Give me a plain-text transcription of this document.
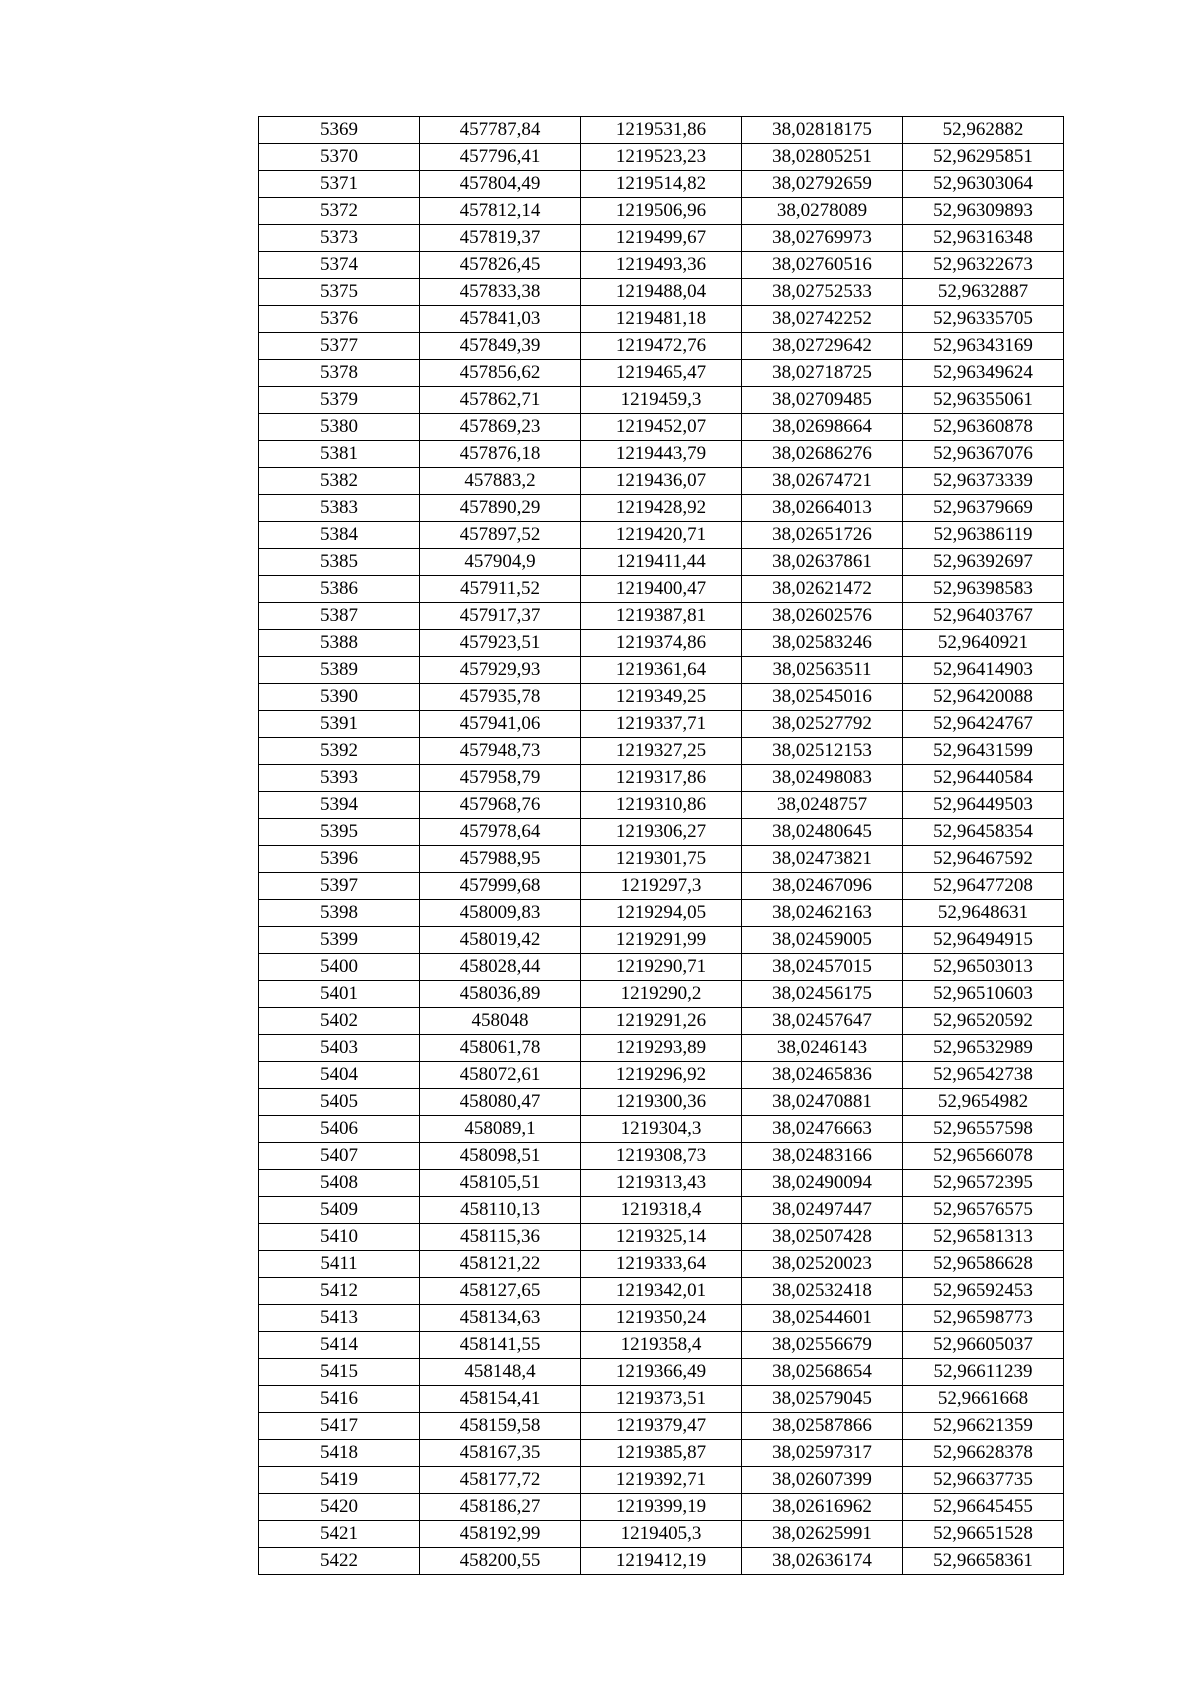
5369	457787,84	1219531,86	38,02818175	52,962882
5370	457796,41	1219523,23	38,02805251	52,96295851
5371	457804,49	1219514,82	38,02792659	52,96303064
5372	457812,14	1219506,96	38,0278089	52,96309893
5373	457819,37	1219499,67	38,02769973	52,96316348
5374	457826,45	1219493,36	38,02760516	52,96322673
5375	457833,38	1219488,04	38,02752533	52,9632887
5376	457841,03	1219481,18	38,02742252	52,96335705
5377	457849,39	1219472,76	38,02729642	52,96343169
5378	457856,62	1219465,47	38,02718725	52,96349624
5379	457862,71	1219459,3	38,02709485	52,96355061
5380	457869,23	1219452,07	38,02698664	52,96360878
5381	457876,18	1219443,79	38,02686276	52,96367076
5382	457883,2	1219436,07	38,02674721	52,96373339
5383	457890,29	1219428,92	38,02664013	52,96379669
5384	457897,52	1219420,71	38,02651726	52,96386119
5385	457904,9	1219411,44	38,02637861	52,96392697
5386	457911,52	1219400,47	38,02621472	52,96398583
5387	457917,37	1219387,81	38,02602576	52,96403767
5388	457923,51	1219374,86	38,02583246	52,9640921
5389	457929,93	1219361,64	38,02563511	52,96414903
5390	457935,78	1219349,25	38,02545016	52,96420088
5391	457941,06	1219337,71	38,02527792	52,96424767
5392	457948,73	1219327,25	38,02512153	52,96431599
5393	457958,79	1219317,86	38,02498083	52,96440584
5394	457968,76	1219310,86	38,0248757	52,96449503
5395	457978,64	1219306,27	38,02480645	52,96458354
5396	457988,95	1219301,75	38,02473821	52,96467592
5397	457999,68	1219297,3	38,02467096	52,96477208
5398	458009,83	1219294,05	38,02462163	52,9648631
5399	458019,42	1219291,99	38,02459005	52,96494915
5400	458028,44	1219290,71	38,02457015	52,96503013
5401	458036,89	1219290,2	38,02456175	52,96510603
5402	458048	1219291,26	38,02457647	52,96520592
5403	458061,78	1219293,89	38,0246143	52,96532989
5404	458072,61	1219296,92	38,02465836	52,96542738
5405	458080,47	1219300,36	38,02470881	52,9654982
5406	458089,1	1219304,3	38,02476663	52,96557598
5407	458098,51	1219308,73	38,02483166	52,96566078
5408	458105,51	1219313,43	38,02490094	52,96572395
5409	458110,13	1219318,4	38,02497447	52,96576575
5410	458115,36	1219325,14	38,02507428	52,96581313
5411	458121,22	1219333,64	38,02520023	52,96586628
5412	458127,65	1219342,01	38,02532418	52,96592453
5413	458134,63	1219350,24	38,02544601	52,96598773
5414	458141,55	1219358,4	38,02556679	52,96605037
5415	458148,4	1219366,49	38,02568654	52,96611239
5416	458154,41	1219373,51	38,02579045	52,9661668
5417	458159,58	1219379,47	38,02587866	52,96621359
5418	458167,35	1219385,87	38,02597317	52,96628378
5419	458177,72	1219392,71	38,02607399	52,96637735
5420	458186,27	1219399,19	38,02616962	52,96645455
5421	458192,99	1219405,3	38,02625991	52,96651528
5422	458200,55	1219412,19	38,02636174	52,96658361
